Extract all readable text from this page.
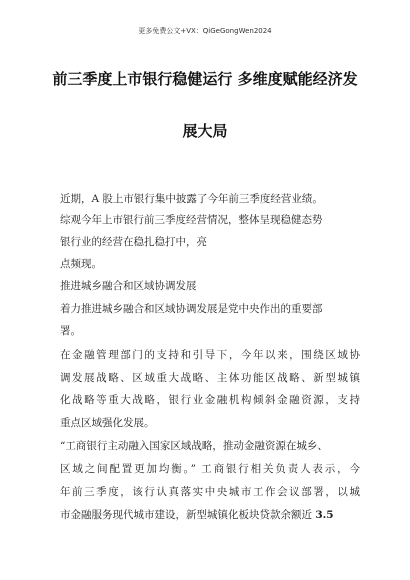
更多免费公文+VX：QiGeGongWen2024
前三季度上市银行稳健运行 多维度赋能经济发
展大局
近期，A 股上市银行集中披露了今年前三季度经营业绩。
综观今年上市银行前三季度经营情况，整体呈现稳健态势
银行业的经营在稳扎稳打中，亮
点频现。
推进城乡融合和区域协调发展
着力推进城乡融合和区域协调发展是党中央作出的重要部
署。
在金融管理部门的支持和引导下，今年以来，围绕区域协
调发展战略、区域重大战略、主体功能区战略、新型城镇
化战略等重大战略，银行业金融机构倾斜金融资源，支持
重点区域强化发展。
“工商银行主动融入国家区域战略，推动金融资源在城乡、
区域之间配置更加均衡。” 工商银行相关负责人表示，今
年前三季度，该行认真落实中央城市工作会议部署，以城
市金融服务现代城市建设，新型城镇化板块贷款余额近 3.5
